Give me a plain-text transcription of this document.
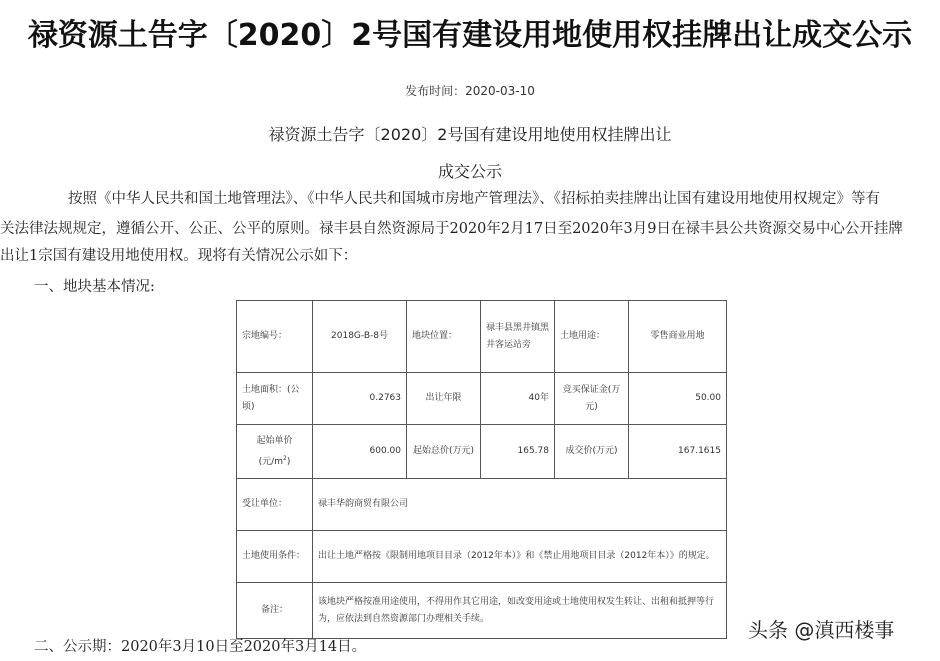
禄资源土告字〔2020〕2号国有建设用地使用权挂牌出让成交公示
发布时间：2020-03-10
禄资源土告字〔2020〕2号国有建设用地使用权挂牌出让
成交公示
按照《中华人民共和国土地管理法》、《中华人民共和国城市房地产管理法》、《招标拍卖挂牌出让国有建设用地使用权规定》等有
关法律法规规定，遵循公开、公正、公平的原则。禄丰县自然资源局于2020年2月17日至2020年3月9日在禄丰县公共资源交易中心公开挂牌
出让1宗国有建设用地使用权。现将有关情况公示如下：
一、地块基本情况:
宗地编号：	2018G-B-8号	地块位置：	禄丰县黑井镇黑井客运站旁	土地用途：	零售商业用地
土地面积：(公顷)	0.2763	出让年限	40年	竞买保证金(万元)	50.00
起始单价
(元$/m^2$)	600.00	起始总价(万元)	165.78	成交价(万元)	167.1615
受让单位：	禄丰华韵商贸有限公司				
土地使用条件：	出让土地严格按《限制用地项目目录（2012年本）》和《禁止用地项目目录（2012年本）》的规定。				
备注：	该地块严格按准用途使用，不得用作其它用途，如改变用途或土地使用权发生转让、出租和抵押等行为，应依法到自然资源部门办理相关手续。				
二、公示期：2020年3月10日至2020年3月14日。
头条 @滇西楼事
